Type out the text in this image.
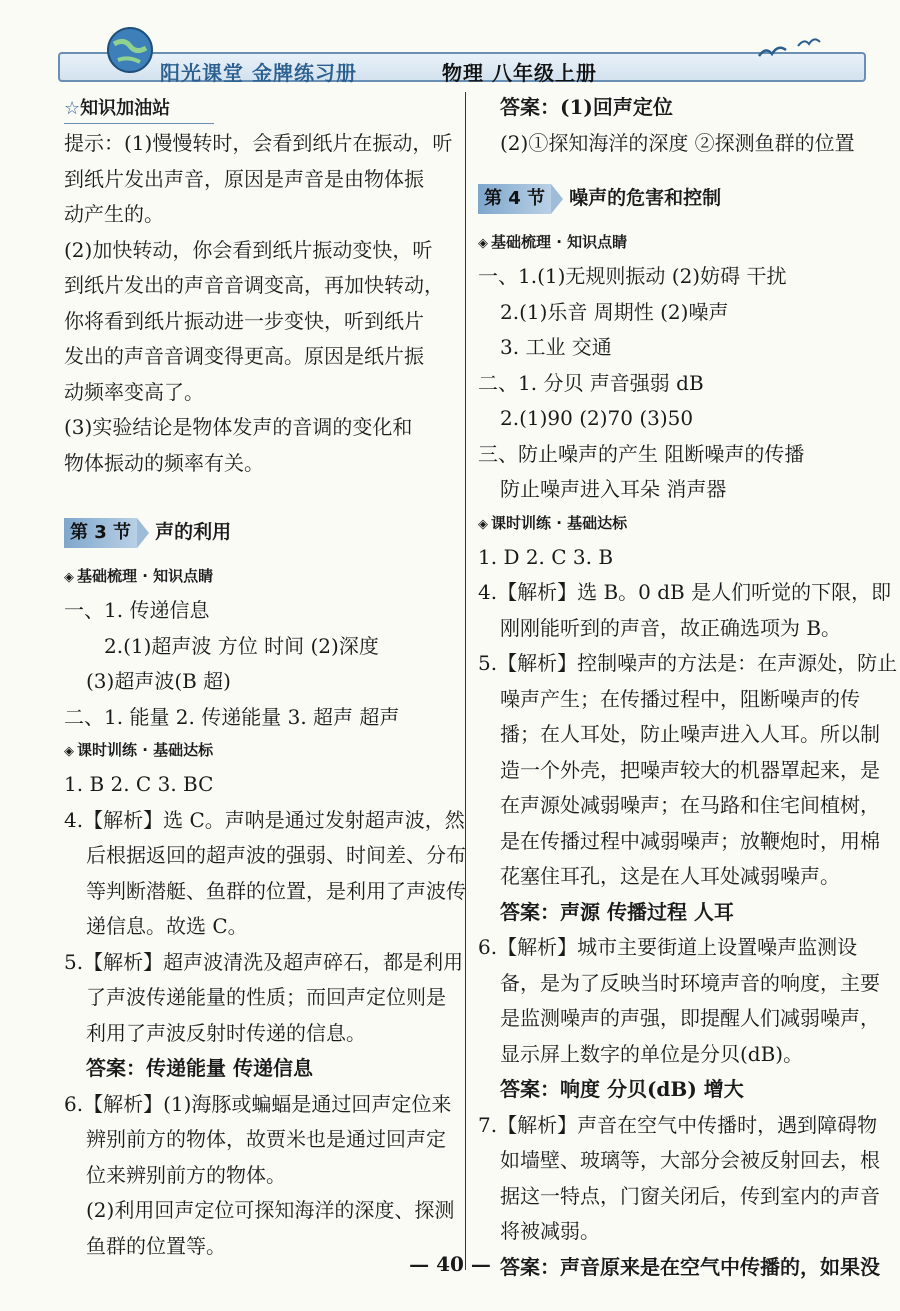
阳光课堂 金牌练习册	物理 八年级上册
☆知识加油站

提示：(1)慢慢转时，会看到纸片在振动，听

到纸片发出声音，原因是声音是由物体振

动产生的。

(2)加快转动，你会看到纸片振动变快，听

到纸片发出的声音音调变高，再加快转动，

你将看到纸片振动进一步变快，听到纸片

发出的声音音调变得更高。原因是纸片振

动频率变高了。

(3)实验结论是物体发声的音调的变化和

物体振动的频率有关。

第 3 节	声的利用

◈ 基础梳理 · 知识点睛

一、1. 传递信息

2.(1)超声波 方位 时间 (2)深度

(3)超声波(B 超)

二、1. 能量 2. 传递能量 3. 超声 超声

◈ 课时训练 · 基础达标

1. B 2. C 3. BC

4.【解析】选 C。声呐是通过发射超声波，然

后根据返回的超声波的强弱、时间差、分布

等判断潜艇、鱼群的位置，是利用了声波传

递信息。故选 C。

5.【解析】超声波清洗及超声碎石，都是利用

了声波传递能量的性质；而回声定位则是

利用了声波反射时传递的信息。

答案：传递能量 传递信息

6.【解析】(1)海豚或蝙蝠是通过回声定位来

辨别前方的物体，故贾米也是通过回声定

位来辨别前方的物体。

(2)利用回声定位可探知海洋的深度、探测

鱼群的位置等。

答案：(1)回声定位

(2)①探知海洋的深度 ②探测鱼群的位置

第 4 节	噪声的危害和控制

◈ 基础梳理 · 知识点睛

一、1.(1)无规则振动 (2)妨碍 干扰

2.(1)乐音 周期性 (2)噪声

3. 工业 交通

二、1. 分贝 声音强弱 dB

2.(1)90 (2)70 (3)50

三、防止噪声的产生 阻断噪声的传播

防止噪声进入耳朵 消声器

◈ 课时训练 · 基础达标

1. D 2. C 3. B

4.【解析】选 B。0 dB 是人们听觉的下限，即

刚刚能听到的声音，故正确选项为 B。

5.【解析】控制噪声的方法是：在声源处，防止

噪声产生；在传播过程中，阻断噪声的传

播；在人耳处，防止噪声进入人耳。所以制

造一个外壳，把噪声较大的机器罩起来，是

在声源处减弱噪声；在马路和住宅间植树，

是在传播过程中减弱噪声；放鞭炮时，用棉

花塞住耳孔，这是在人耳处减弱噪声。

答案：声源 传播过程 人耳

6.【解析】城市主要街道上设置噪声监测设

备，是为了反映当时环境声音的响度，主要

是监测噪声的声强，即提醒人们减弱噪声，

显示屏上数字的单位是分贝(dB)。

答案：响度 分贝(dB) 增大

7.【解析】声音在空气中传播时，遇到障碍物

如墙壁、玻璃等，大部分会被反射回去，根

据这一特点，门窗关闭后，传到室内的声音

将被减弱。

答案：声音原来是在空气中传播的，如果没

— 40 —
